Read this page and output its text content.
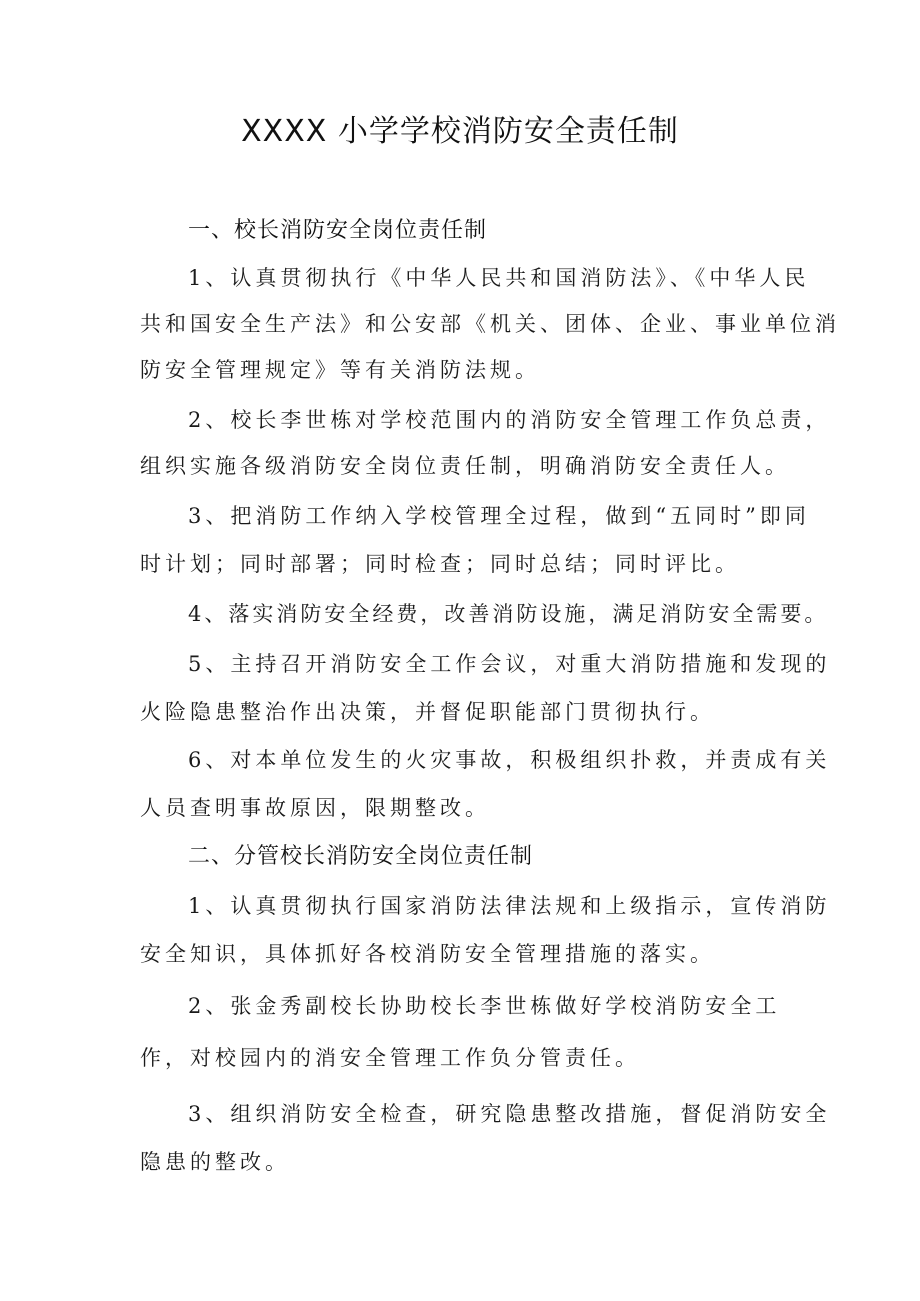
XXXX 小学学校消防安全责任制
一、校长消防安全岗位责任制
1、认真贯彻执行《中华人民共和国消防法》、《中华人民
共和国安全生产法》和公安部《机关、团体、企业、事业单位消
防安全管理规定》等有关消防法规。
2、校长李世栋对学校范围内的消防安全管理工作负总责，
组织实施各级消防安全岗位责任制，明确消防安全责任人。
3、把消防工作纳入学校管理全过程，做到“五同时”即同
时计划；同时部署；同时检查；同时总结；同时评比。
4、落实消防安全经费，改善消防设施，满足消防安全需要。
5、主持召开消防安全工作会议，对重大消防措施和发现的
火险隐患整治作出决策，并督促职能部门贯彻执行。
6、对本单位发生的火灾事故，积极组织扑救，并责成有关
人员查明事故原因，限期整改。
二、分管校长消防安全岗位责任制
1、认真贯彻执行国家消防法律法规和上级指示，宣传消防
安全知识，具体抓好各校消防安全管理措施的落实。
2、张金秀副校长协助校长李世栋做好学校消防安全工
作，对校园内的消安全管理工作负分管责任。
3、组织消防安全检查，研究隐患整改措施，督促消防安全
隐患的整改。
